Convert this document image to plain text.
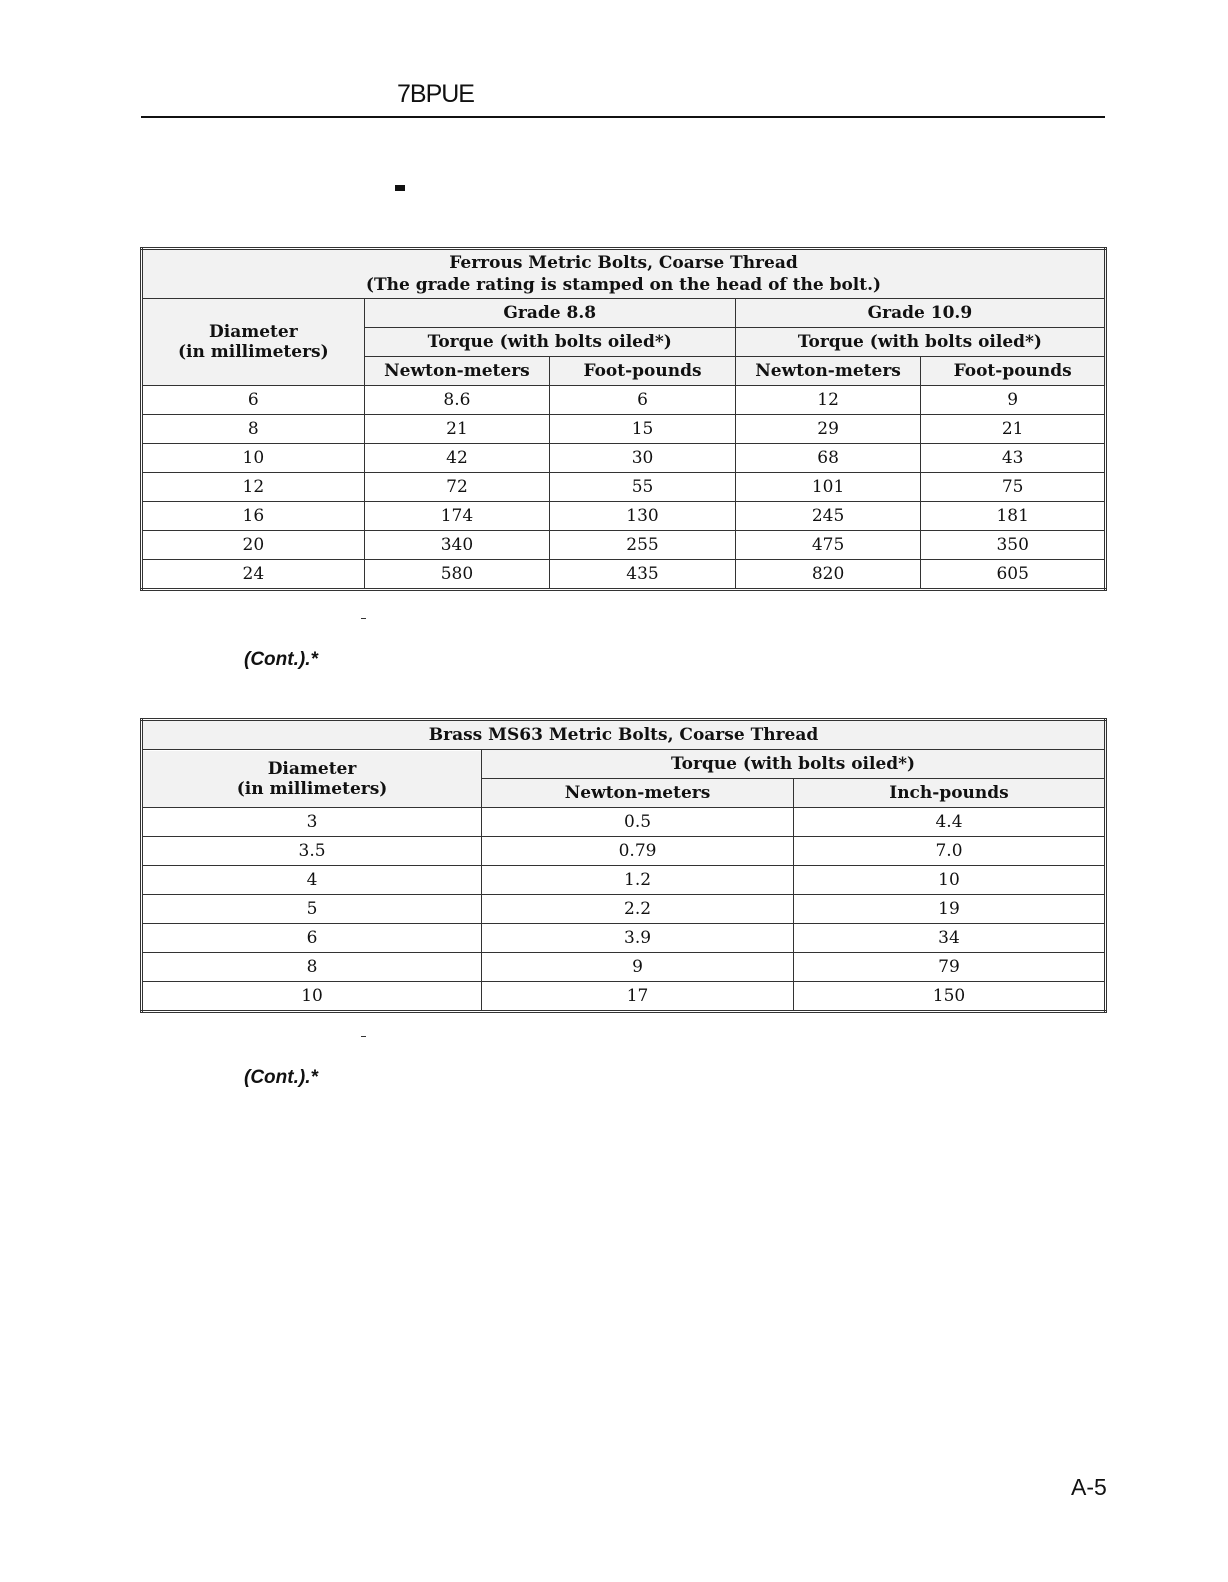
7BPUE
Ferrous Metric Bolts, Coarse Thread
(The grade rating is stamped on the head of the bolt.)				

Diameter
(in millimeters)	Grade 8.8		Grade 10.9	
	Torque (with bolts oiled*)		Torque (with bolts oiled*)	
	Newton-meters	Foot-pounds	Newton-meters	Foot-pounds
6	8.6	6	12	9
8	21	15	29	21
10	42	30	68	43
12	72	55	101	75
16	174	130	245	181
20	340	255	475	350
24	580	435	820	605
(Cont.).*
Brass MS63 Metric Bolts, Coarse Thread		

Diameter
(in millimeters)	Torque (with bolts oiled*)	
	Newton-meters	Inch-pounds
3	0.5	4.4
3.5	0.79	7.0
4	1.2	10
5	2.2	19
6	3.9	34
8	9	79
10	17	150
(Cont.).*
A-5
